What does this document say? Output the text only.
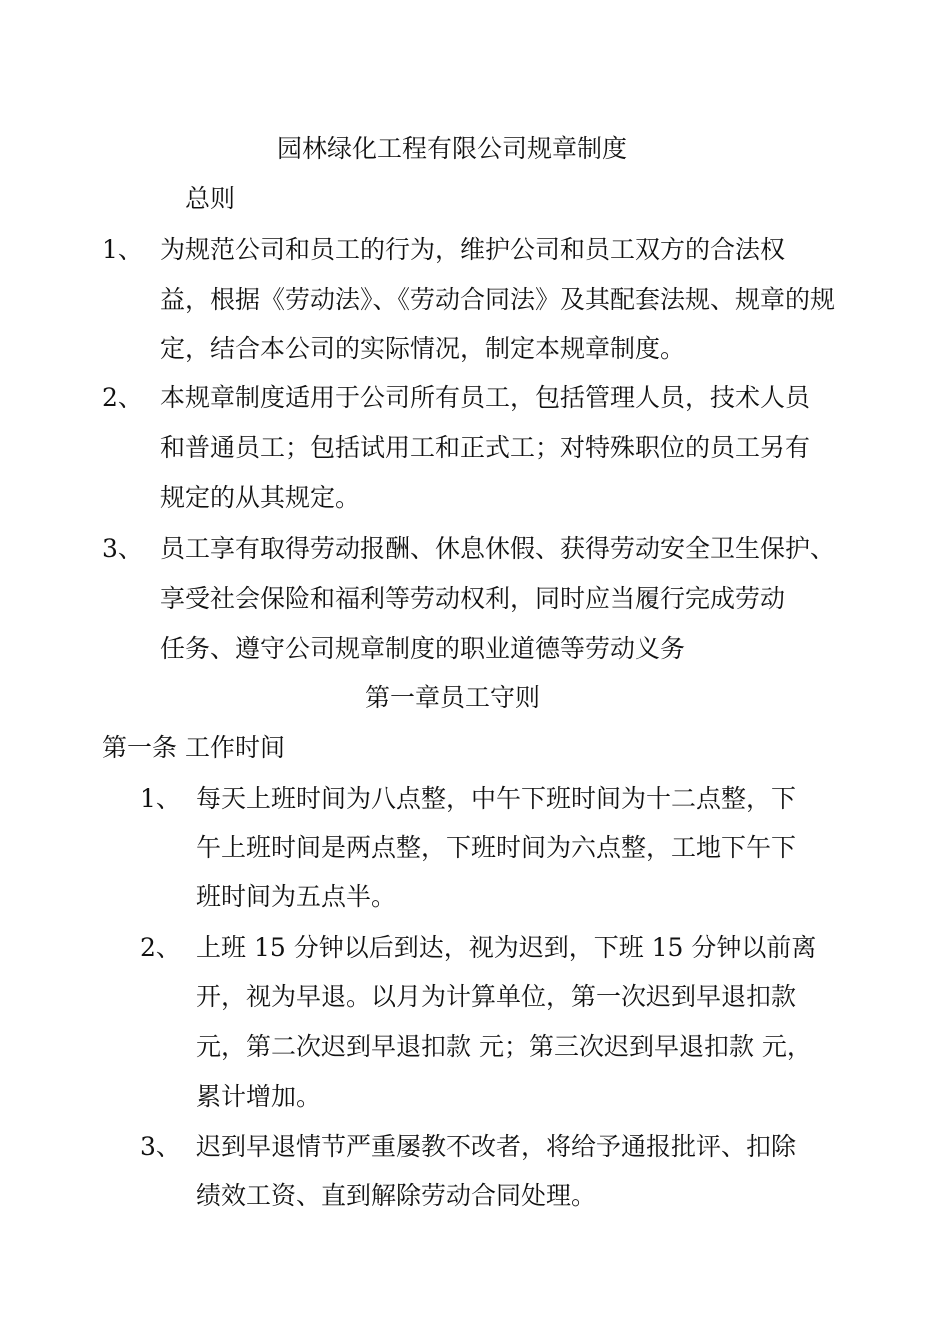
园林绿化工程有限公司规章制度
总则
1、 为规范公司和员工的行为，维护公司和员工双方的合法权
益，根据《劳动法》、《劳动合同法》及其配套法规、规章的规
定，结合本公司的实际情况，制定本规章制度。
2、 本规章制度适用于公司所有员工，包括管理人员，技术人员
和普通员工；包括试用工和正式工；对特殊职位的员工另有
规定的从其规定。
3、 员工享有取得劳动报酬、休息休假、获得劳动安全卫生保护、
享受社会保险和福利等劳动权利，同时应当履行完成劳动
任务、遵守公司规章制度的职业道德等劳动义务
第一章员工守则
第一条 工作时间
1、 每天上班时间为八点整，中午下班时间为十二点整，下
午上班时间是两点整，下班时间为六点整，工地下午下
班时间为五点半。
2、 上班 15 分钟以后到达，视为迟到，下班 15 分钟以前离
开，视为早退。以月为计算单位，第一次迟到早退扣款
元，第二次迟到早退扣款 元；第三次迟到早退扣款 元，
累计增加。
3、 迟到早退情节严重屡教不改者，将给予通报批评、扣除
绩效工资、直到解除劳动合同处理。
